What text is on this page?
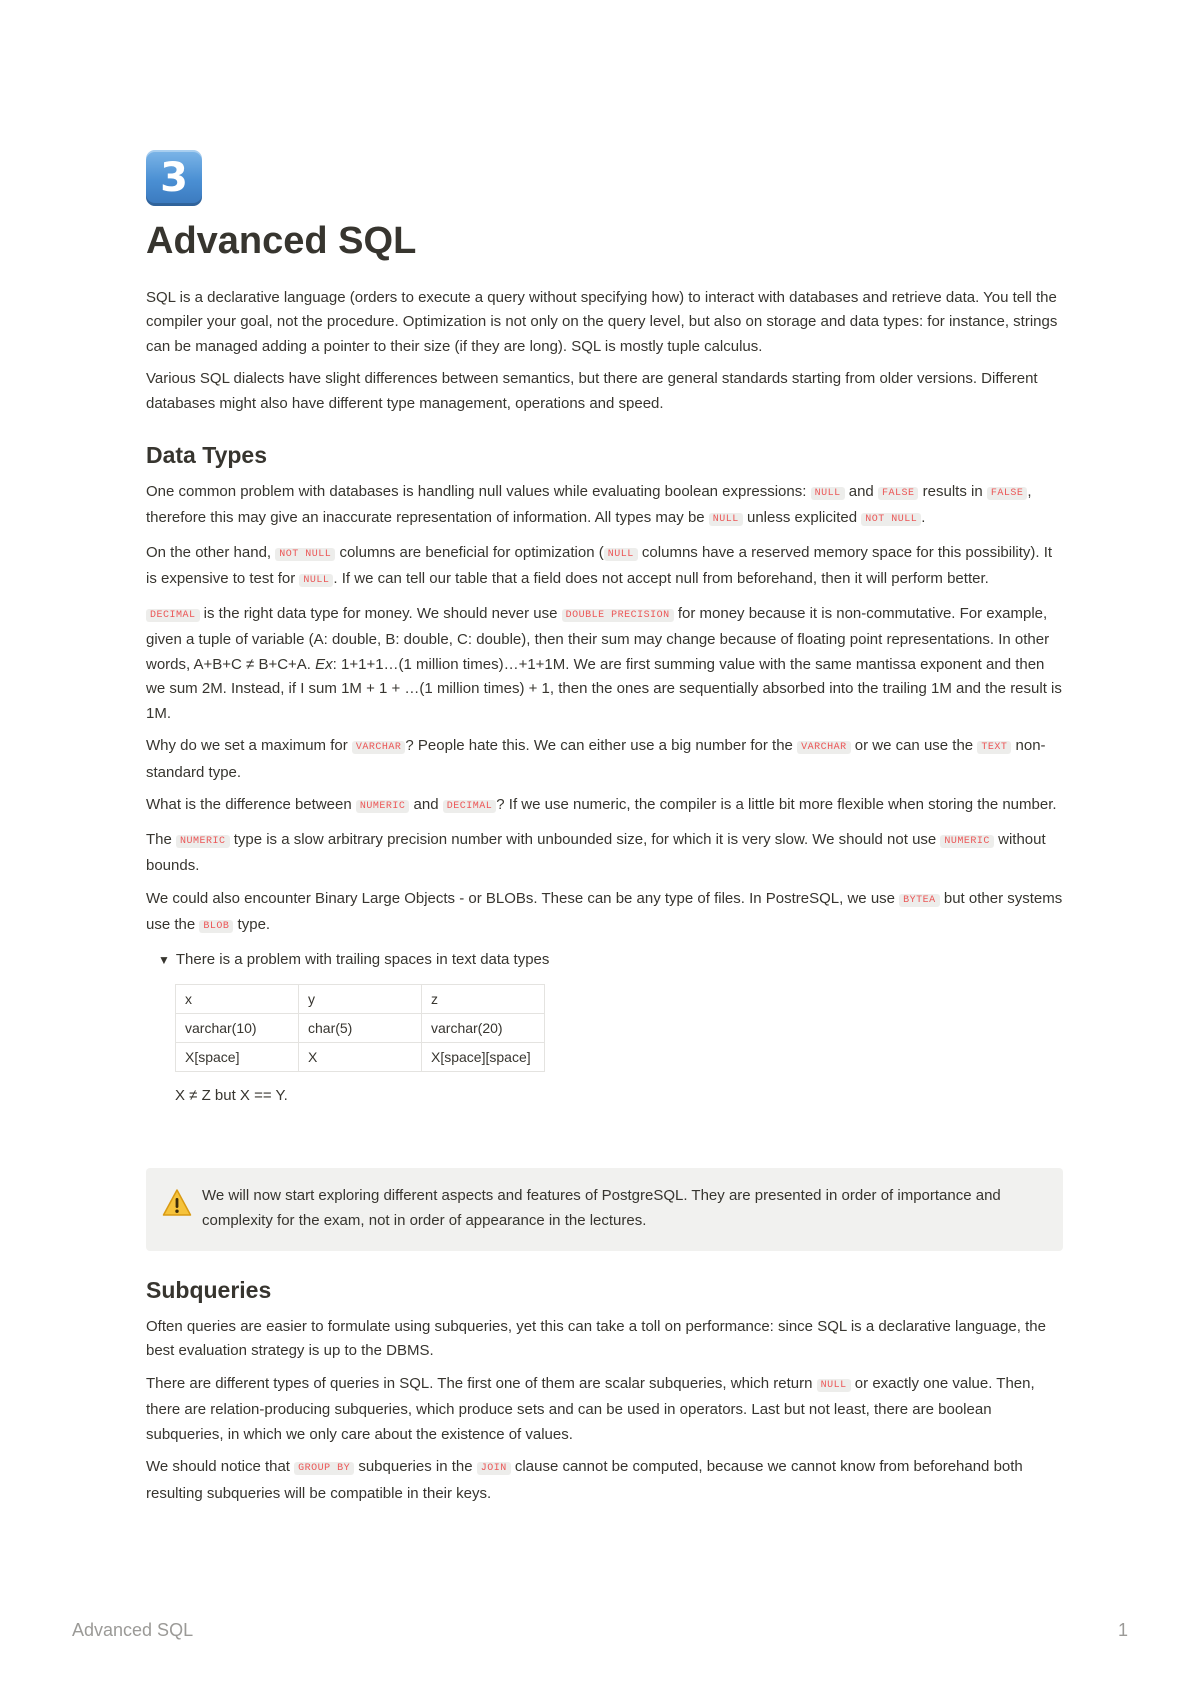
3
Advanced SQL

SQL is a declarative language (orders to execute a query without specifying how) to interact with databases and retrieve data. You tell the compiler your goal, not the procedure. Optimization is not only on the query level, but also on storage and data types: for instance, strings can be managed adding a pointer to their size (if they are long). SQL is mostly tuple calculus.

Various SQL dialects have slight differences between semantics, but there are general standards starting from older versions. Different databases might also have different type management, operations and speed.

Data Types

One common problem with databases is handling null values while evaluating boolean expressions: NULL and FALSE results in FALSE , therefore this may give an inaccurate representation of information. All types may be NULL unless explicited NOT NULL .

On the other hand, NOT NULL columns are beneficial for optimization ( NULL columns have a reserved memory space for this possibility). It is expensive to test for NULL . If we can tell our table that a field does not accept null from beforehand, then it will perform better.

DECIMAL is the right data type for money. We should never use DOUBLE PRECISION for money because it is non-commutative. For example, given a tuple of variable (A: double, B: double, C: double), then their sum may change because of floating point representations. In other words, A+B+C ≠ B+C+A. Ex: 1+1+1…(1 million times)…+1+1M. We are first summing value with the same mantissa exponent and then we sum 2M. Instead, if I sum 1M + 1 + …(1 million times) + 1, then the ones are sequentially absorbed into the trailing 1M and the result is 1M.

Why do we set a maximum for VARCHAR ? People hate this. We can either use a big number for the VARCHAR or we can use the TEXT non-standard type.

What is the difference between NUMERIC and DECIMAL ? If we use numeric, the compiler is a little bit more flexible when storing the number.

The NUMERIC type is a slow arbitrary precision number with unbounded size, for which it is very slow. We should not use NUMERIC without bounds.

We could also encounter Binary Large Objects - or BLOBs. These can be any type of files. In PostreSQL, we use BYTEA but other systems use the BLOB type.

▼ There is a problem with trailing spaces in text data types
x	y	z
varchar(10)	char(5)	varchar(20)
X[space]	X	X[space][space]

X ≠ Z but X == Y.

We will now start exploring different aspects and features of PostgreSQL. They are presented in order of importance and complexity for the exam, not in order of appearance in the lectures.
Subqueries

Often queries are easier to formulate using subqueries, yet this can take a toll on performance: since SQL is a declarative language, the best evaluation strategy is up to the DBMS.

There are different types of queries in SQL. The first one of them are scalar subqueries, which return NULL or exactly one value. Then, there are relation-producing subqueries, which produce sets and can be used in operators. Last but not least, there are boolean subqueries, in which we only care about the existence of values.

We should notice that GROUP BY subqueries in the JOIN clause cannot be computed, because we cannot know from beforehand both resulting subqueries will be compatible in their keys.

Advanced SQL	1
